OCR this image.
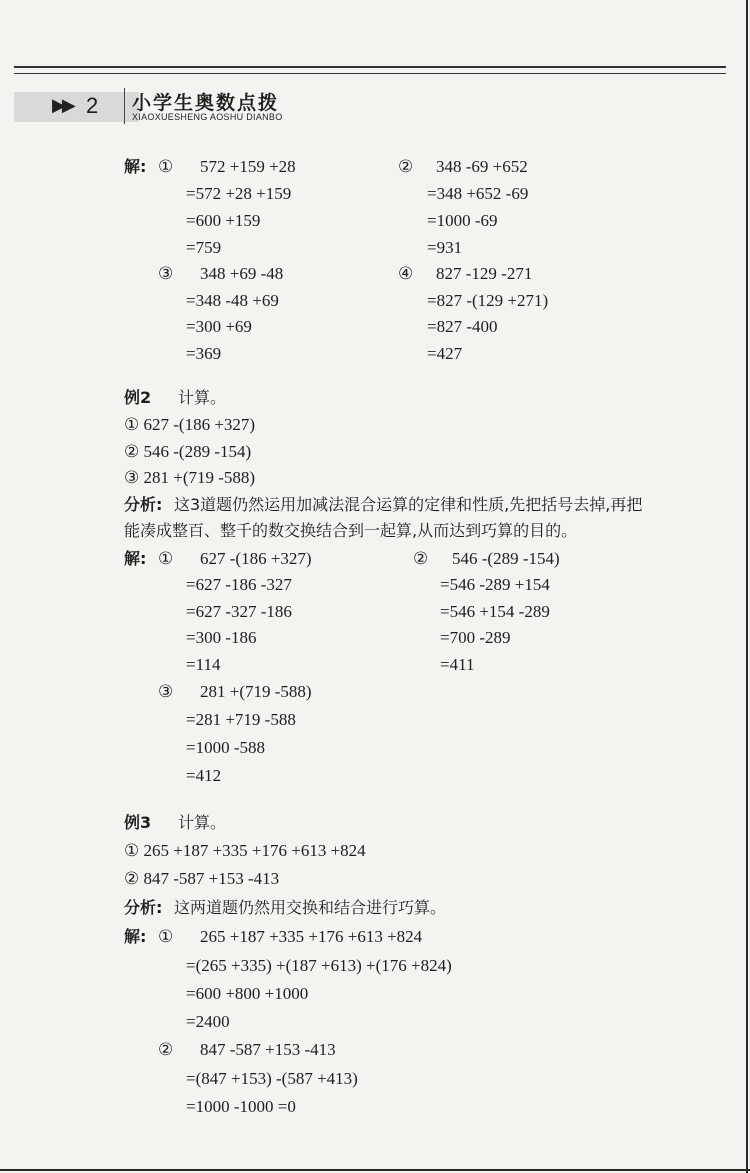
▶▶ 2 小学生奥数点拨
XIAOXUESHENG AOSHU DIANBO
解: ① 572 +159 +28
=572 +28 +159
=600 +159
=759
② 348 -69 +652
=348 +652 -69
=1000 -69
=931
③ 348 +69 -48
=348 -48 +69
=300 +69
=369
④ 827 -129 -271
=827 -(129 +271)
=827 -400
=427
例2 计算。
① 627 -(186 +327)
② 546 -(289 -154)
③ 281 +(719 -588)
分析: 这3道题仍然运用加减法混合运算的定律和性质,先把括号去掉,再把
能凑成整百、整千的数交换结合到一起算,从而达到巧算的目的。
解: ① 627 -(186 +327)
=627 -186 -327
=627 -327 -186
=300 -186
=114
② 546 -(289 -154)
=546 -289 +154
=546 +154 -289
=700 -289
=411
③ 281 +(719 -588)
=281 +719 -588
=1000 -588
=412
例3 计算。
① 265 +187 +335 +176 +613 +824
② 847 -587 +153 -413
分析: 这两道题仍然用交换和结合进行巧算。
解: ① 265 +187 +335 +176 +613 +824
=(265 +335) +(187 +613) +(176 +824)
=600 +800 +1000
=2400
② 847 -587 +153 -413
=(847 +153) -(587 +413)
=1000 -1000 =0
